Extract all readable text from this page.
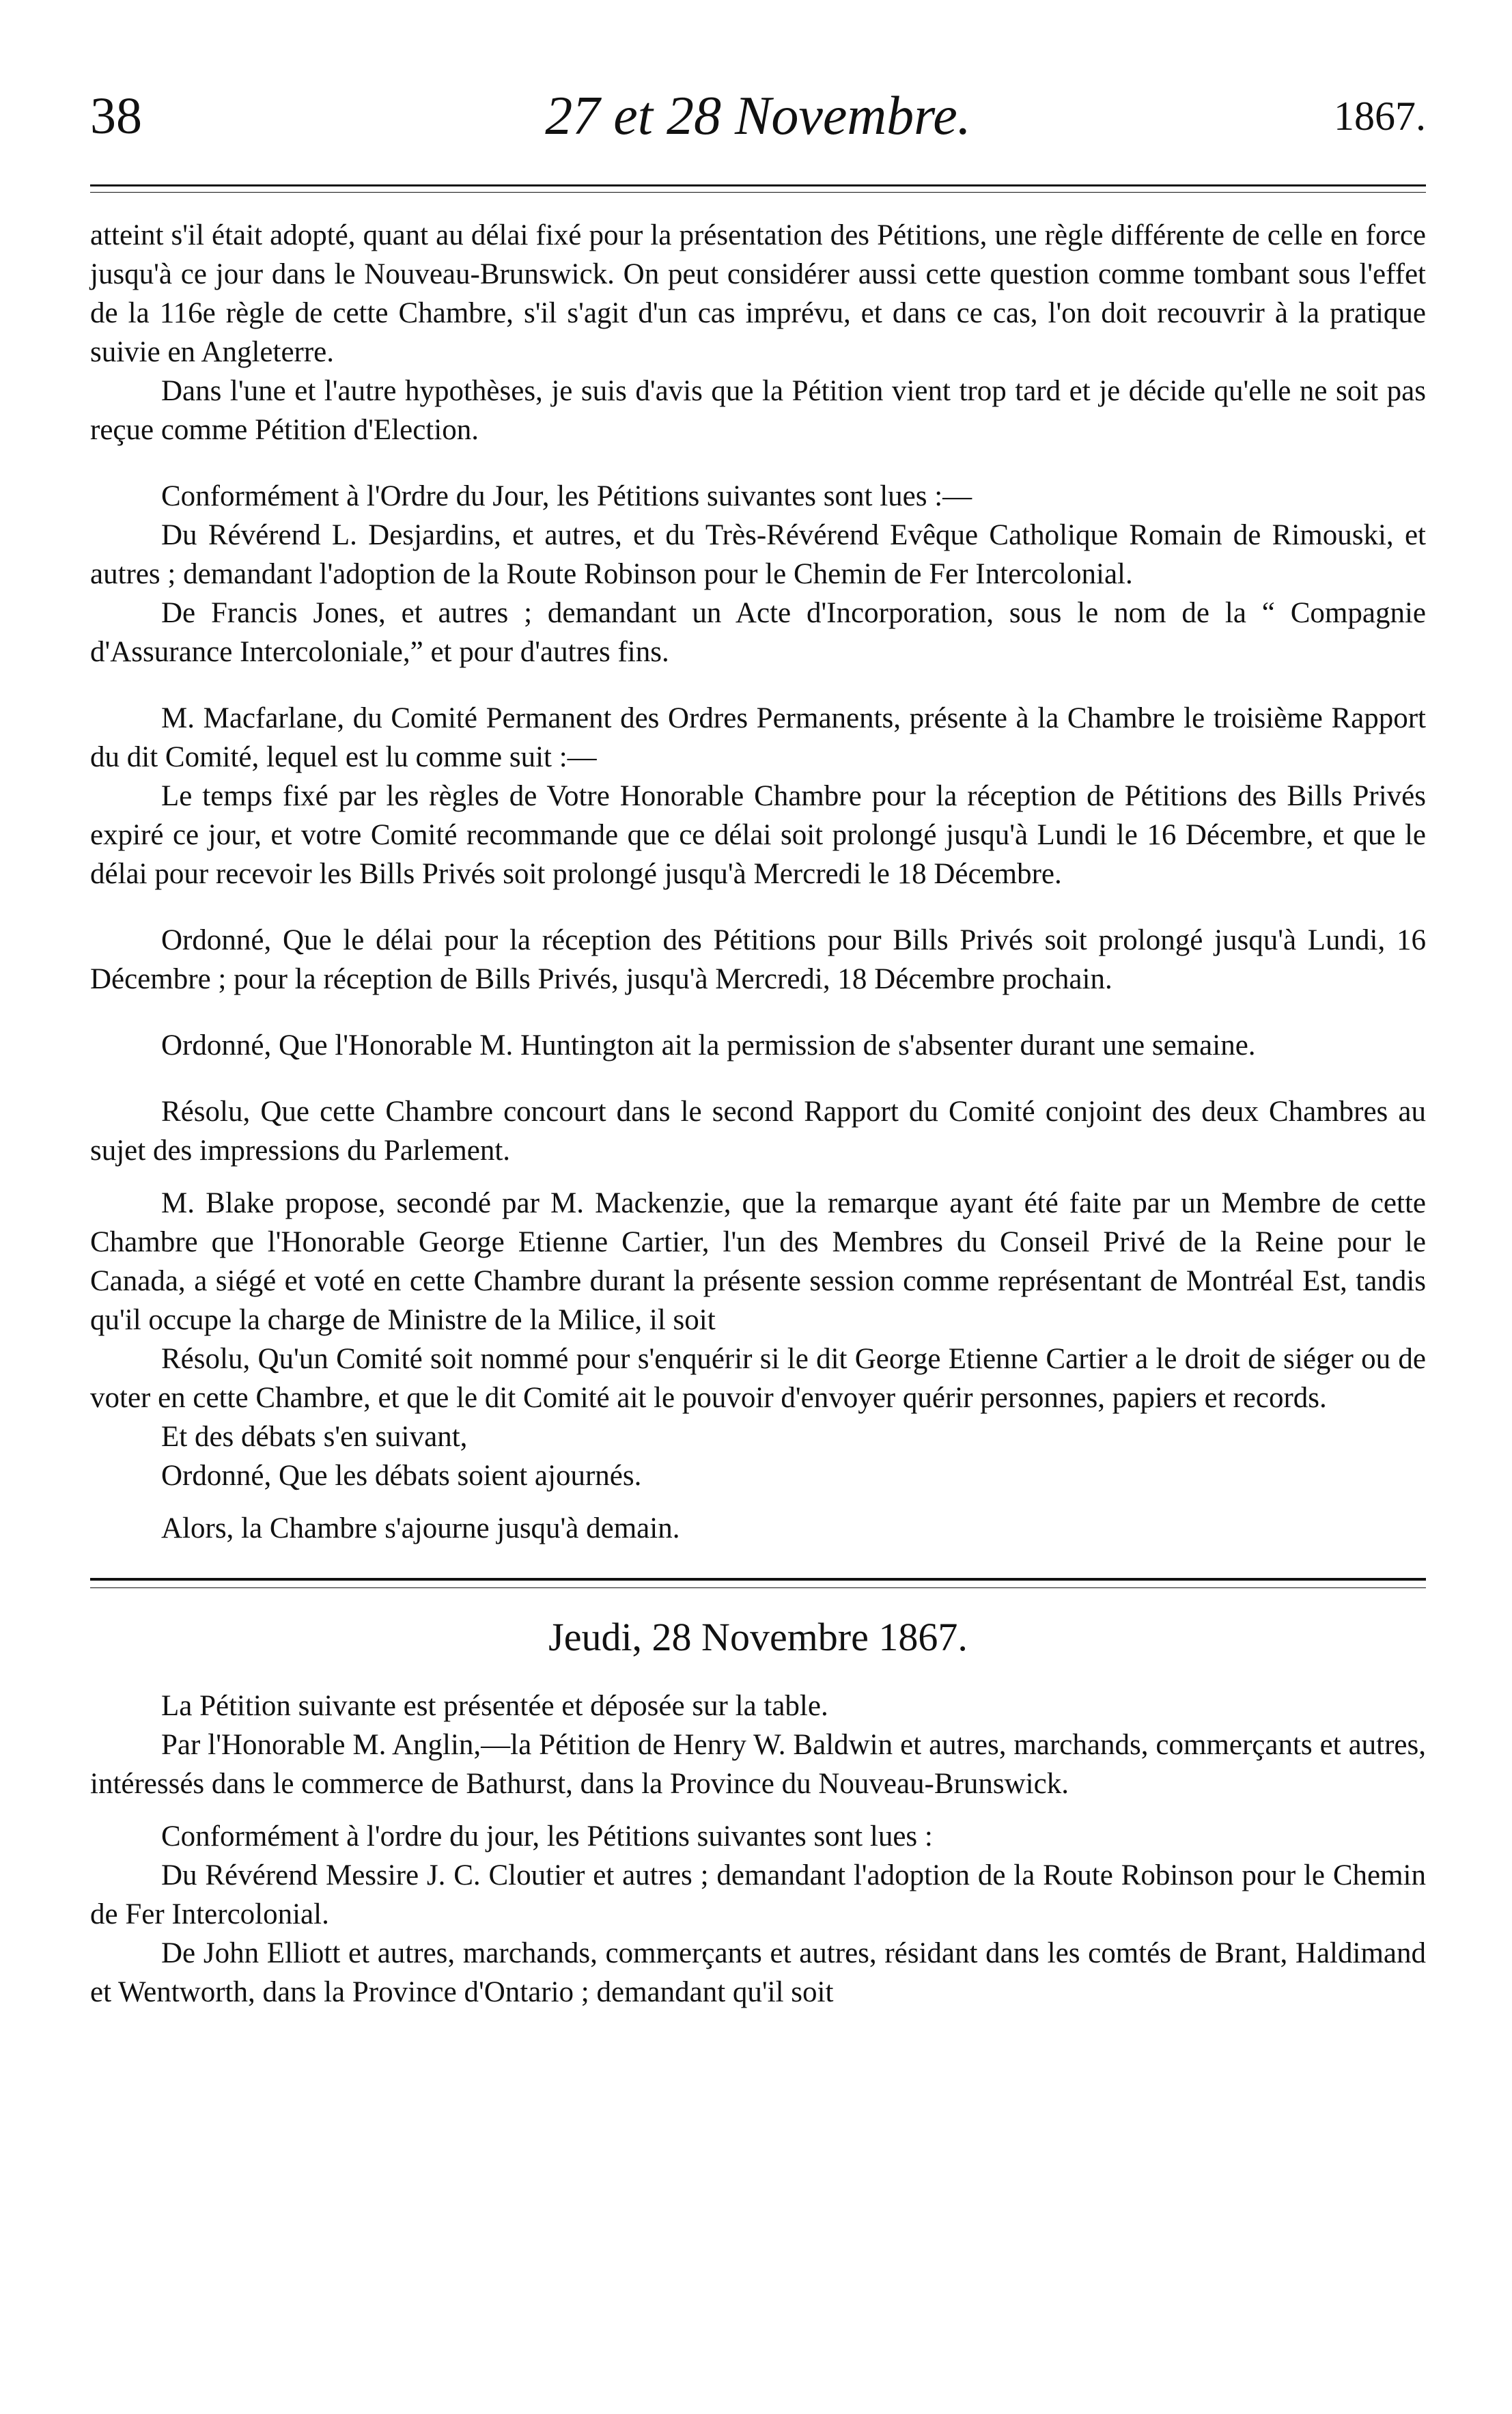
38	27 et 28 Novembre.	1867.

atteint s'il était adopté, quant au délai fixé pour la présentation des Pétitions, une règle différente de celle en force jusqu'à ce jour dans le Nouveau-Brunswick. On peut considérer aussi cette question comme tombant sous l'effet de la 116e règle de cette Chambre, s'il s'agit d'un cas imprévu, et dans ce cas, l'on doit recouvrir à la pratique suivie en Angleterre.

Dans l'une et l'autre hypothèses, je suis d'avis que la Pétition vient trop tard et je décide qu'elle ne soit pas reçue comme Pétition d'Election.

Conformément à l'Ordre du Jour, les Pétitions suivantes sont lues :—

Du Révérend L. Desjardins, et autres, et du Très-Révérend Evêque Catholique Romain de Rimouski, et autres ; demandant l'adoption de la Route Robinson pour le Chemin de Fer Intercolonial.

De Francis Jones, et autres ; demandant un Acte d'Incorporation, sous le nom de la “ Compagnie d'Assurance Intercoloniale,” et pour d'autres fins.

M. Macfarlane, du Comité Permanent des Ordres Permanents, présente à la Chambre le troisième Rapport du dit Comité, lequel est lu comme suit :—

Le temps fixé par les règles de Votre Honorable Chambre pour la réception de Pétitions des Bills Privés expiré ce jour, et votre Comité recommande que ce délai soit prolongé jusqu'à Lundi le 16 Décembre, et que le délai pour recevoir les Bills Privés soit prolongé jusqu'à Mercredi le 18 Décembre.

Ordonné, Que le délai pour la réception des Pétitions pour Bills Privés soit prolongé jusqu'à Lundi, 16 Décembre ; pour la réception de Bills Privés, jusqu'à Mercredi, 18 Décembre prochain.

Ordonné, Que l'Honorable M. Huntington ait la permission de s'absenter durant une semaine.

Résolu, Que cette Chambre concourt dans le second Rapport du Comité conjoint des deux Chambres au sujet des impressions du Parlement.

M. Blake propose, secondé par M. Mackenzie, que la remarque ayant été faite par un Membre de cette Chambre que l'Honorable George Etienne Cartier, l'un des Membres du Conseil Privé de la Reine pour le Canada, a siégé et voté en cette Chambre durant la présente session comme représentant de Montréal Est, tandis qu'il occupe la charge de Ministre de la Milice, il soit

Résolu, Qu'un Comité soit nommé pour s'enquérir si le dit George Etienne Cartier a le droit de siéger ou de voter en cette Chambre, et que le dit Comité ait le pouvoir d'envoyer quérir personnes, papiers et records.

Et des débats s'en suivant,

Ordonné, Que les débats soient ajournés.

Alors, la Chambre s'ajourne jusqu'à demain.

Jeudi, 28 Novembre 1867.

La Pétition suivante est présentée et déposée sur la table.

Par l'Honorable M. Anglin,—la Pétition de Henry W. Baldwin et autres, marchands, commerçants et autres, intéressés dans le commerce de Bathurst, dans la Province du Nouveau-Brunswick.

Conformément à l'ordre du jour, les Pétitions suivantes sont lues :

Du Révérend Messire J. C. Cloutier et autres ; demandant l'adoption de la Route Robinson pour le Chemin de Fer Intercolonial.

De John Elliott et autres, marchands, commerçants et autres, résidant dans les comtés de Brant, Haldimand et Wentworth, dans la Province d'Ontario ; demandant qu'il soit
